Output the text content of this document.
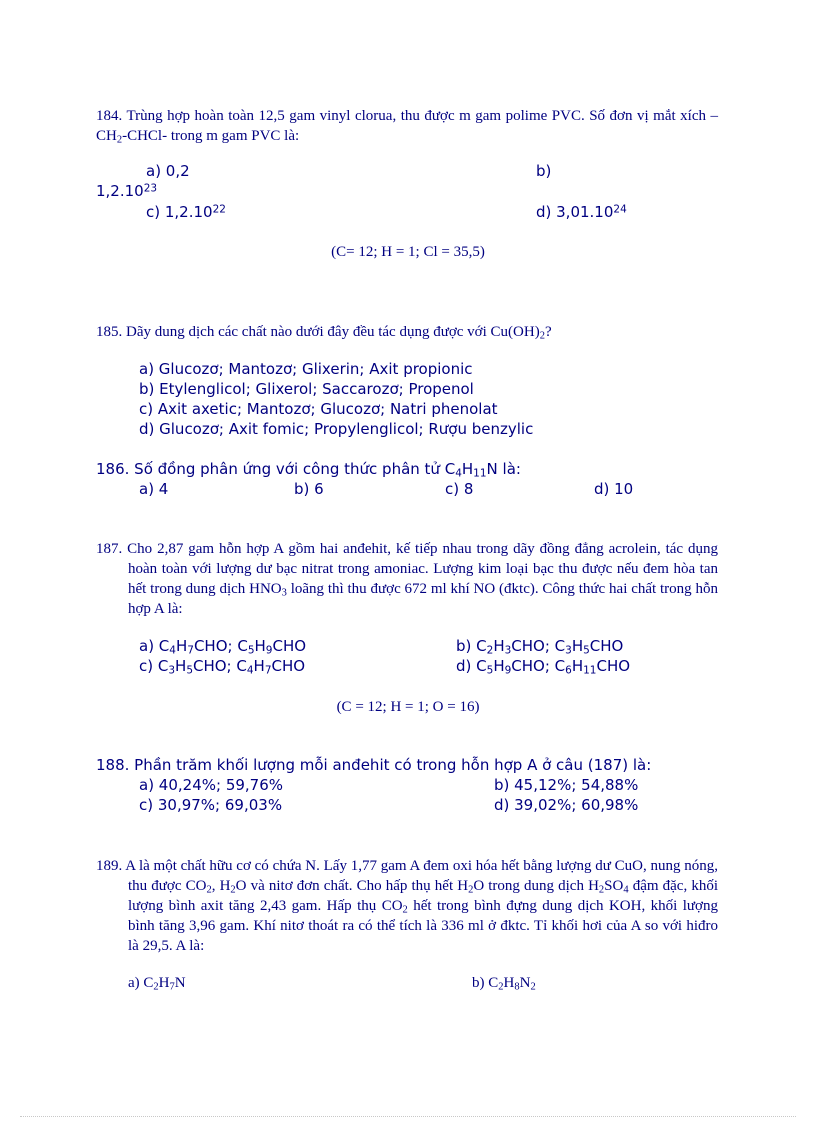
184. Trùng hợp hoàn toàn 12,5 gam vinyl clorua, thu được m gam polime PVC. Số đơn vị mắt xích $-CH_2-CHCl-$ trong m gam PVC là:
a) 0,2	b)
1,2.10$^{23}$
c) 1,2.10$^{22}$	d) 3,01.10$^{24}$
(C= 12; H = 1; Cl = 35,5)
185. Dãy dung dịch các chất nào dưới đây đều tác dụng được với $Cu(OH)_2$?
a) Glucozơ; Mantozơ; Glixerin; Axit propionic
b) Etylenglicol; Glixerol; Saccarozơ; Propenol
c) Axit axetic; Mantozơ; Glucozơ; Natri phenolat
d) Glucozơ; Axit fomic; Propylenglicol; Rượu benzylic
186. Số đồng phân ứng với công thức phân tử $C_4H_{11}N$ là:
a) 4	b) 6	c) 8	d) 10
187. Cho 2,87 gam hỗn hợp A gồm hai anđehit, kế tiếp nhau trong dãy đồng đẳng acrolein, tác dụng hoàn toàn với lượng dư bạc nitrat trong amoniac. Lượng kim loại bạc thu được nếu đem hòa tan hết trong dung dịch $HNO_3$ loãng thì thu được 672 ml khí NO (đktc). Công thức hai chất trong hỗn hợp A là:
a) $C_4H_7CHO$; $C_5H_9CHO$	b) $C_2H_3CHO$; $C_3H_5CHO$
c) $C_3H_5CHO$; $C_4H_7CHO$	d) $C_5H_9CHO$; $C_6H_{11}CHO$
(C = 12; H = 1; O = 16)
188. Phần trăm khối lượng mỗi anđehit có trong hỗn hợp A ở câu (187) là:
a) 40,24%; 59,76%	b) 45,12%; 54,88%
c) 30,97%; 69,03%	d) 39,02%; 60,98%
189. A là một chất hữu cơ có chứa N. Lấy 1,77 gam A đem oxi hóa hết bằng lượng dư CuO, nung nóng, thu được $CO_2$, $H_2O$ và nitơ đơn chất. Cho hấp thụ hết $H_2O$ trong dung dịch $H_2SO_4$ đậm đặc, khối lượng bình axit tăng 2,43 gam. Hấp thụ $CO_2$ hết trong bình đựng dung dịch KOH, khối lượng bình tăng 3,96 gam. Khí nitơ thoát ra có thể tích là 336 ml ở đktc. Tỉ khối hơi của A so với hiđro là 29,5. A là:
a) $C_2H_7N$	b) $C_2H_8N_2$
